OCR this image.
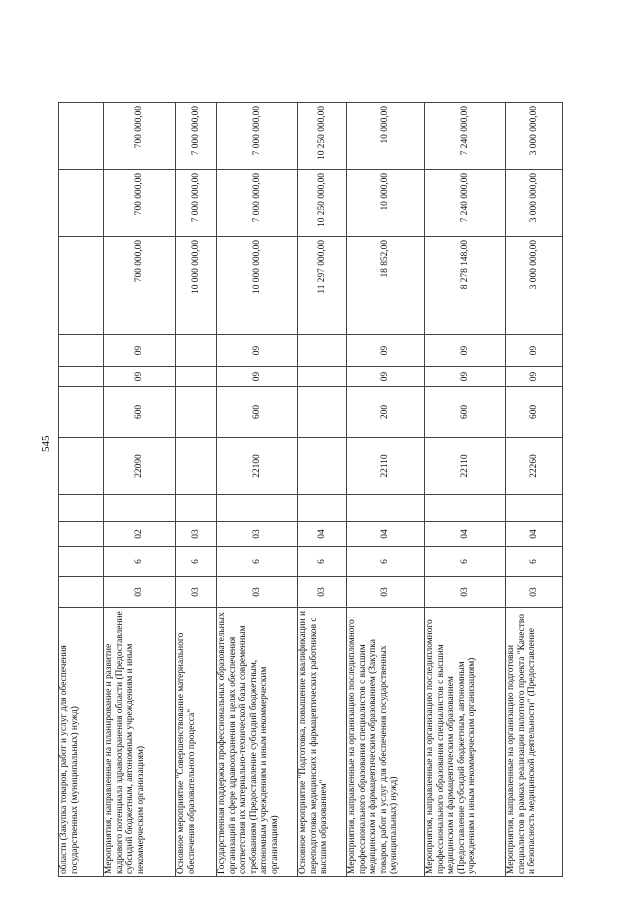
545
области (Закупка товаров, работ и услуг для обеспечения государственных (муниципальных) нужд)											
Мероприятия, направленные на планирование и развитие кадрового потенциала здравоохранения области (Предоставление субсидий бюджетным, автономным учреждениям и иным некоммерческим организациям)	03	6	02		22090	600	09	09	700 000,00	700 000,00	700 000,00
Основное мероприятие "Совершенствование материального обеспечения образовательного процесса"	03	6	03						10 000 000,00	7 000 000,00	7 000 000,00
Государственная поддержка профессиональных образовательных организаций в сфере здравоохранения в целях обеспечения соответствия их материально-технической базы современным требованиям (Предоставление субсидий бюджетным, автономным учреждениям и иным некоммерческим организациям)	03	6	03		22100	600	09	09	10 000 000,00	7 000 000,00	7 000 000,00
Основное мероприятие "Подготовка, повышение квалификации и переподготовка медицинских и фармацевтических работников с высшим образованием"	03	6	04						11 297 000,00	10 250 000,00	10 250 000,00
Мероприятия, направленные на организацию последипломного профессионального образования специалистов с высшим медицинским и фармацевтическим образованием (Закупка товаров, работ и услуг для обеспечения государственных (муниципальных) нужд)	03	6	04		22110	200	09	09	18 852,00	10 000,00	10 000,00
Мероприятия, направленные на организацию последипломного профессионального образования специалистов с высшим медицинским и фармацевтическим образованием (Предоставление субсидий бюджетным, автономным учреждениям и иным некоммерческим организациям)	03	6	04		22110	600	09	09	8 278 148,00	7 240 000,00	7 240 000,00
Мероприятия, направленные на организацию подготовки специалистов в рамках реализации пилотного проекта "Качество и безопасность медицинской деятельности" (Предоставление	03	6	04		22260	600	09	09	3 000 000,00	3 000 000,00	3 000 000,00
